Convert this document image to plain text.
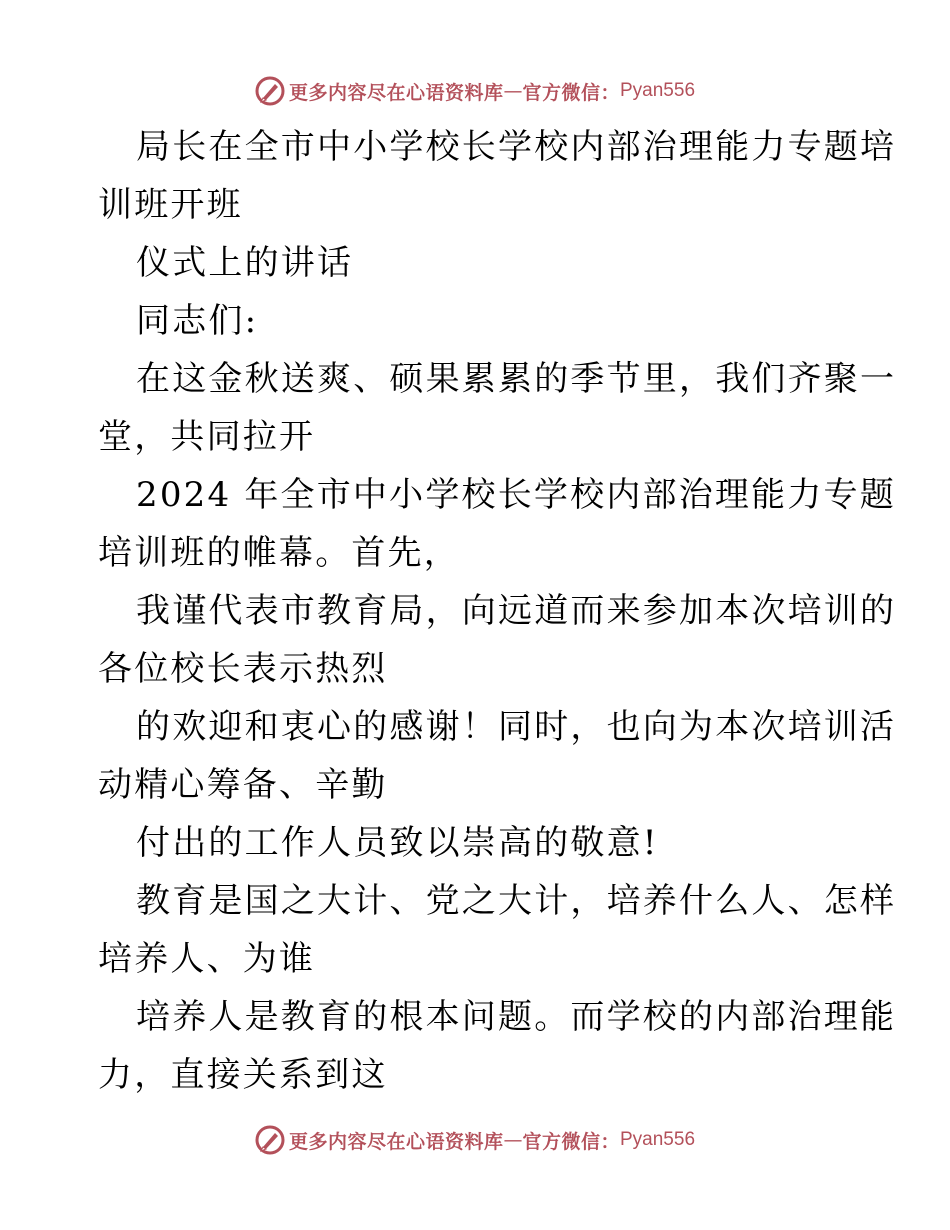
更多内容尽在心语资料库 — 官方微信： Pyan556
局长在全市中小学校长学校内部治理能力专题培
训班开班
仪式上的讲话
同志们:
在这金秋送爽、硕果累累的季节里，我们齐聚一
堂，共同拉开
2024 年全市中小学校长学校内部治理能力专题
培训班的帷幕。首先，
我谨代表市教育局，向远道而来参加本次培训的
各位校长表示热烈
的欢迎和衷心的感谢！同时，也向为本次培训活
动精心筹备、辛勤
付出的工作人员致以崇高的敬意!
教育是国之大计、党之大计，培养什么人、怎样
培养人、为谁
培养人是教育的根本问题。而学校的内部治理能
力，直接关系到这
更多内容尽在心语资料库 — 官方微信： Pyan556
